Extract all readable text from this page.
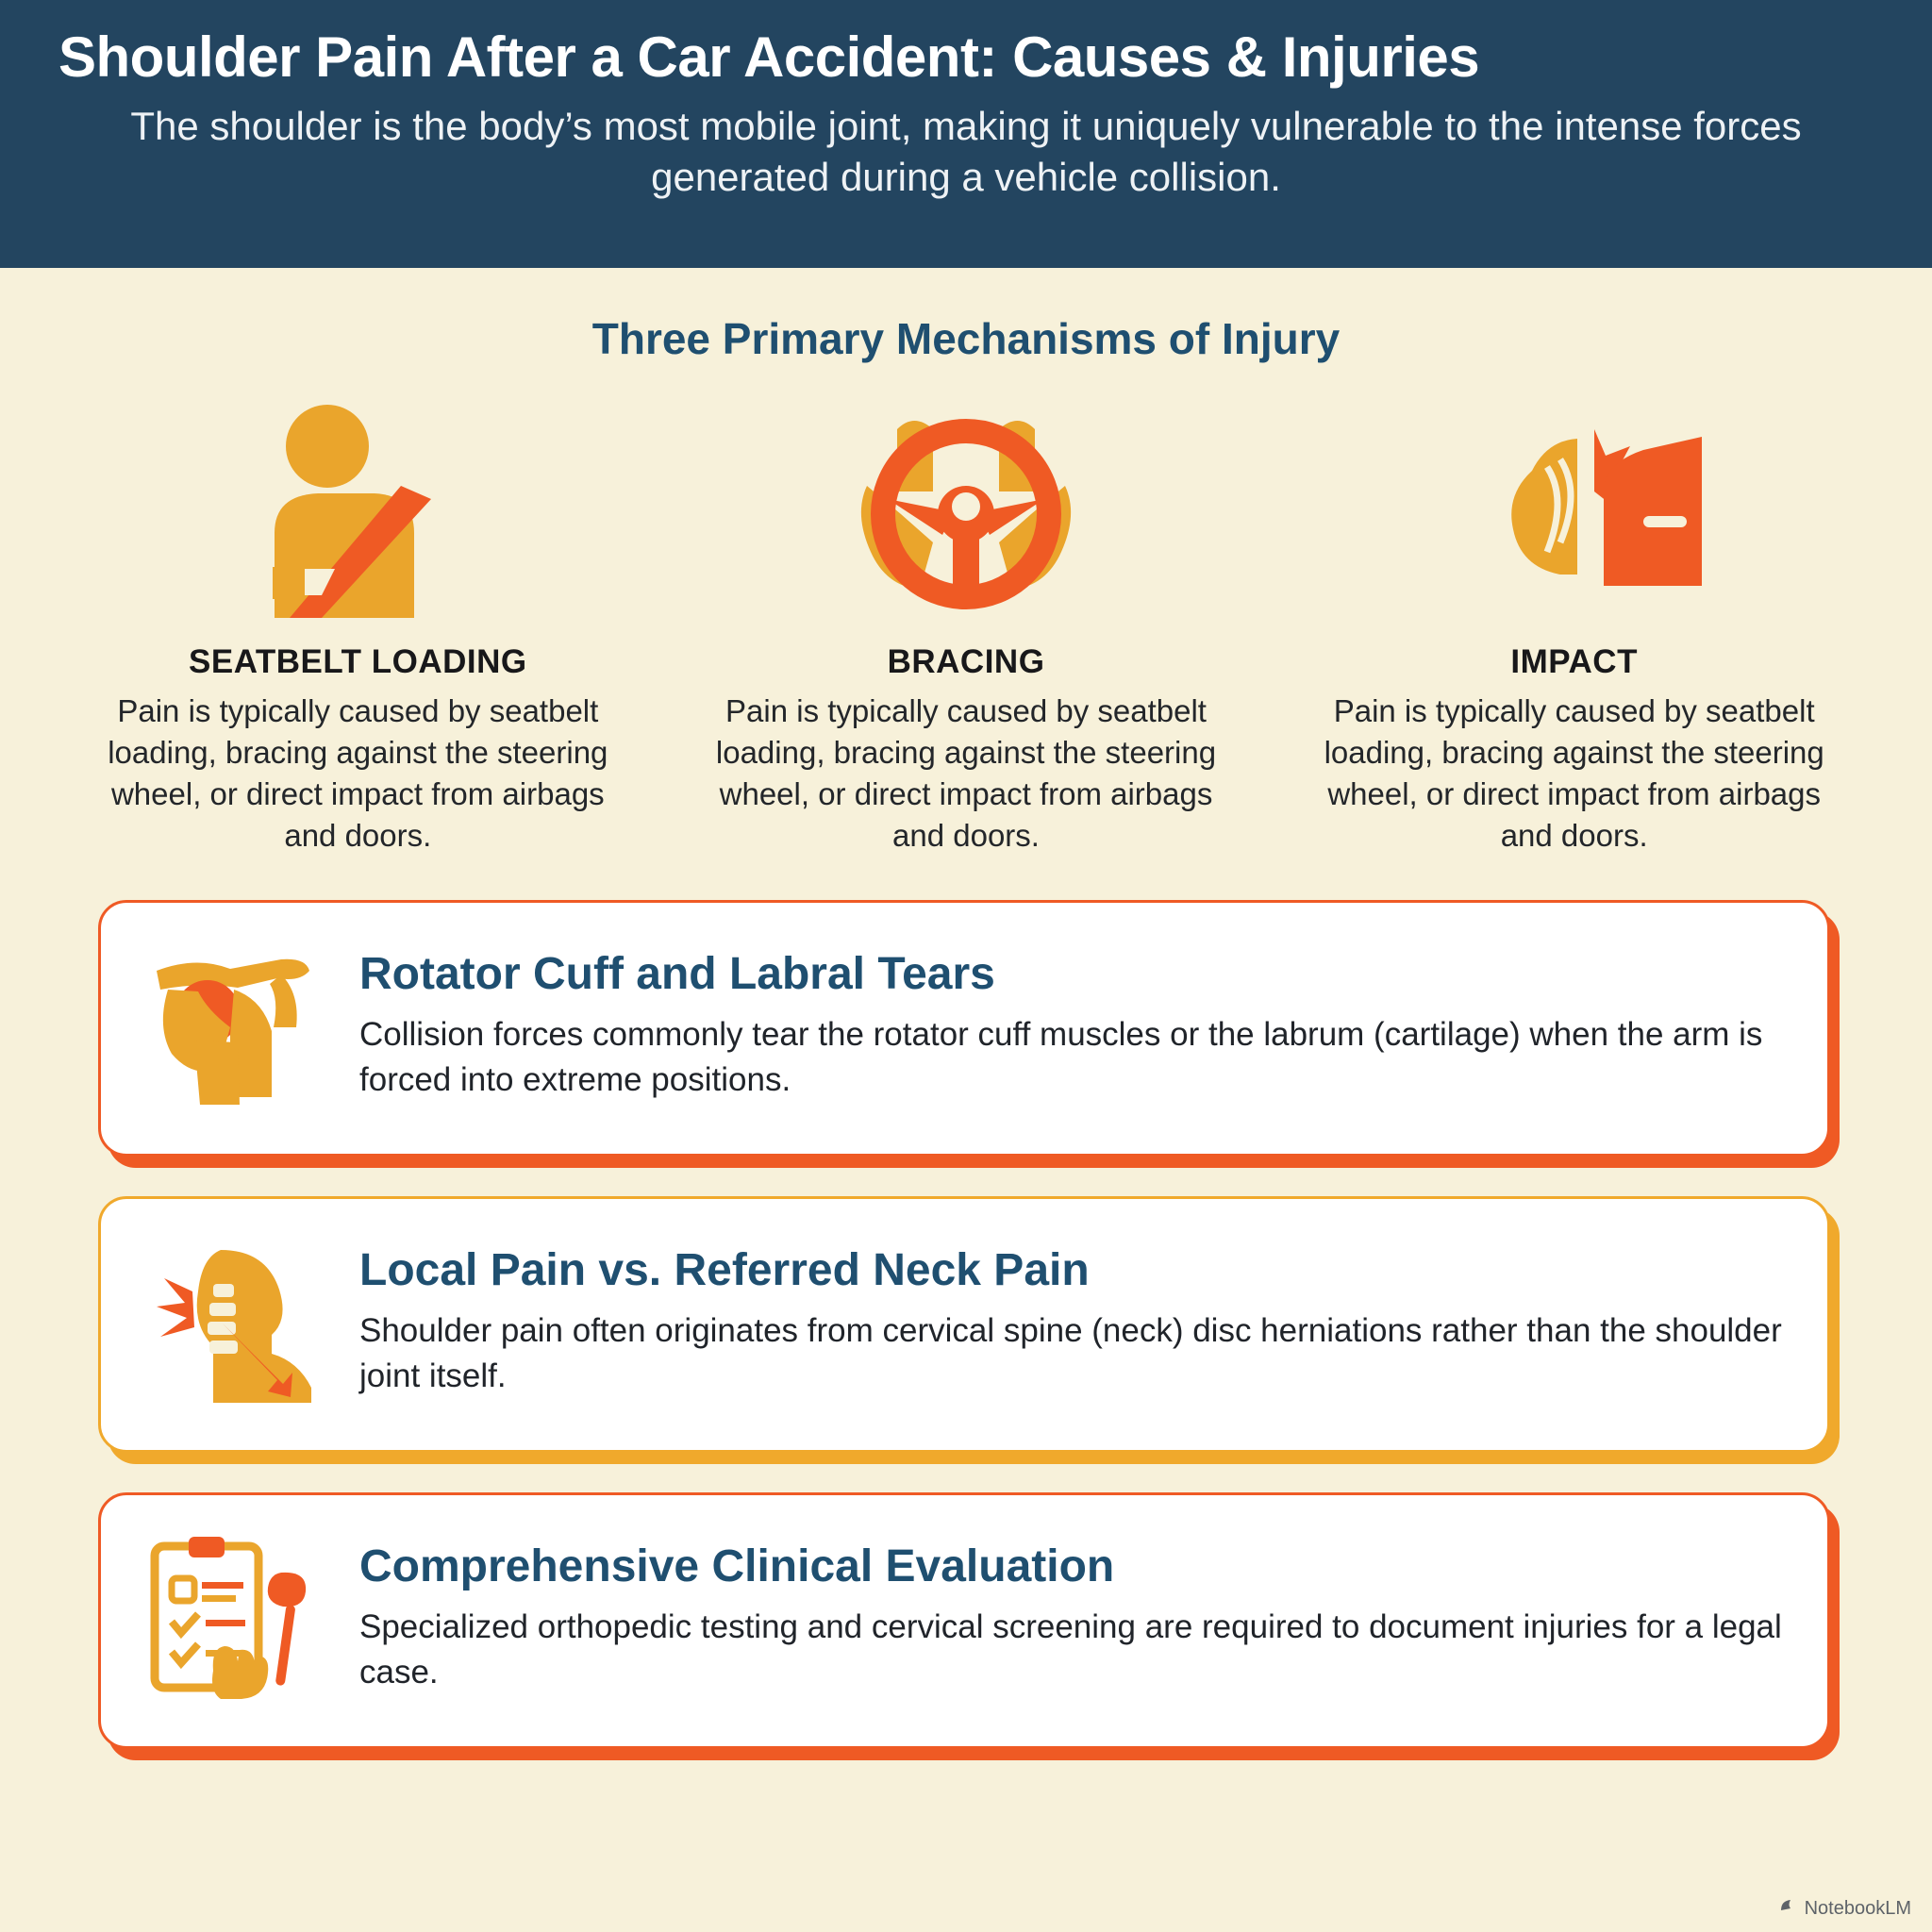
Shoulder Pain After a Car Accident: Causes & Injuries
The shoulder is the body’s most mobile joint, making it uniquely vulnerable to the intense forces generated during a vehicle collision.
Three Primary Mechanisms of Injury
SEATBELT LOADING
Pain is typically caused by seatbelt loading, bracing against the steering wheel, or direct impact from airbags and doors.
BRACING
Pain is typically caused by seatbelt loading, bracing against the steering wheel, or direct impact from airbags and doors.
IMPACT
Pain is typically caused by seatbelt loading, bracing against the steering wheel, or direct impact from airbags and doors.
Rotator Cuff and Labral Tears
Collision forces commonly tear the rotator cuff muscles or the labrum (cartilage) when the arm is forced into extreme positions.
Local Pain vs. Referred Neck Pain
Shoulder pain often originates from cervical spine (neck) disc herniations rather than the shoulder joint itself.
Comprehensive Clinical Evaluation
Specialized orthopedic testing and cervical screening are required to document injuries for a legal case.
NotebookLM
